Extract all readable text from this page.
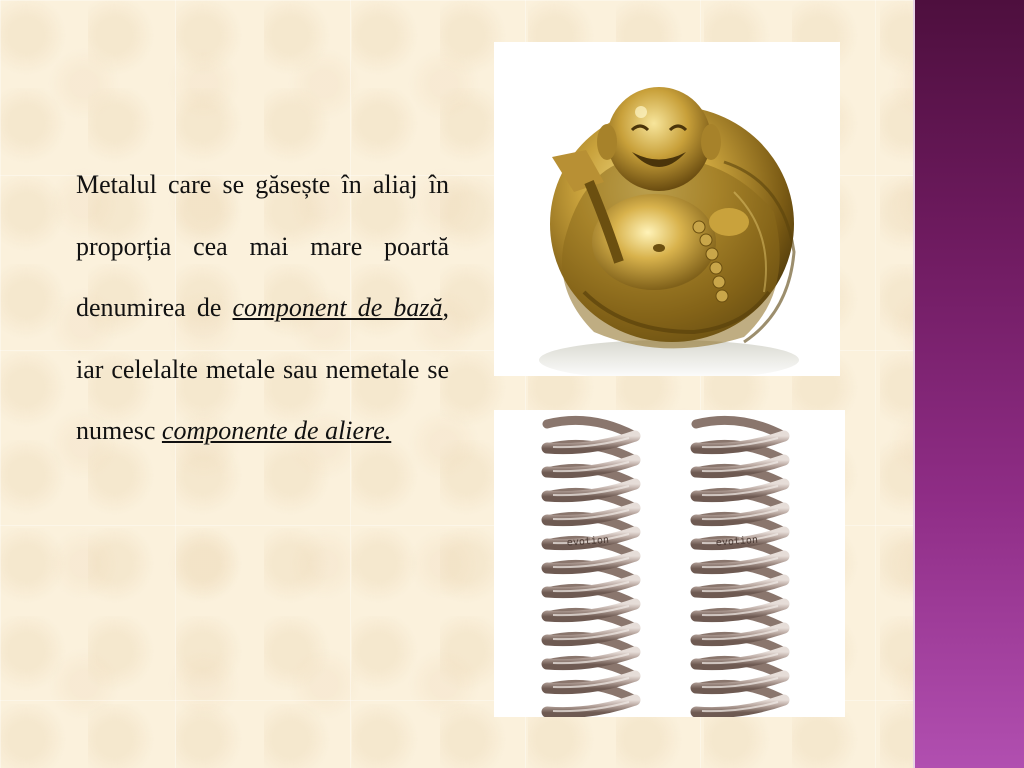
Metalul care se găsește în aliaj în proporția cea mai mare poartă denumirea de component de bază, iar celelalte metale sau nemetale se numesc componente de aliere.
evotion	evotion
